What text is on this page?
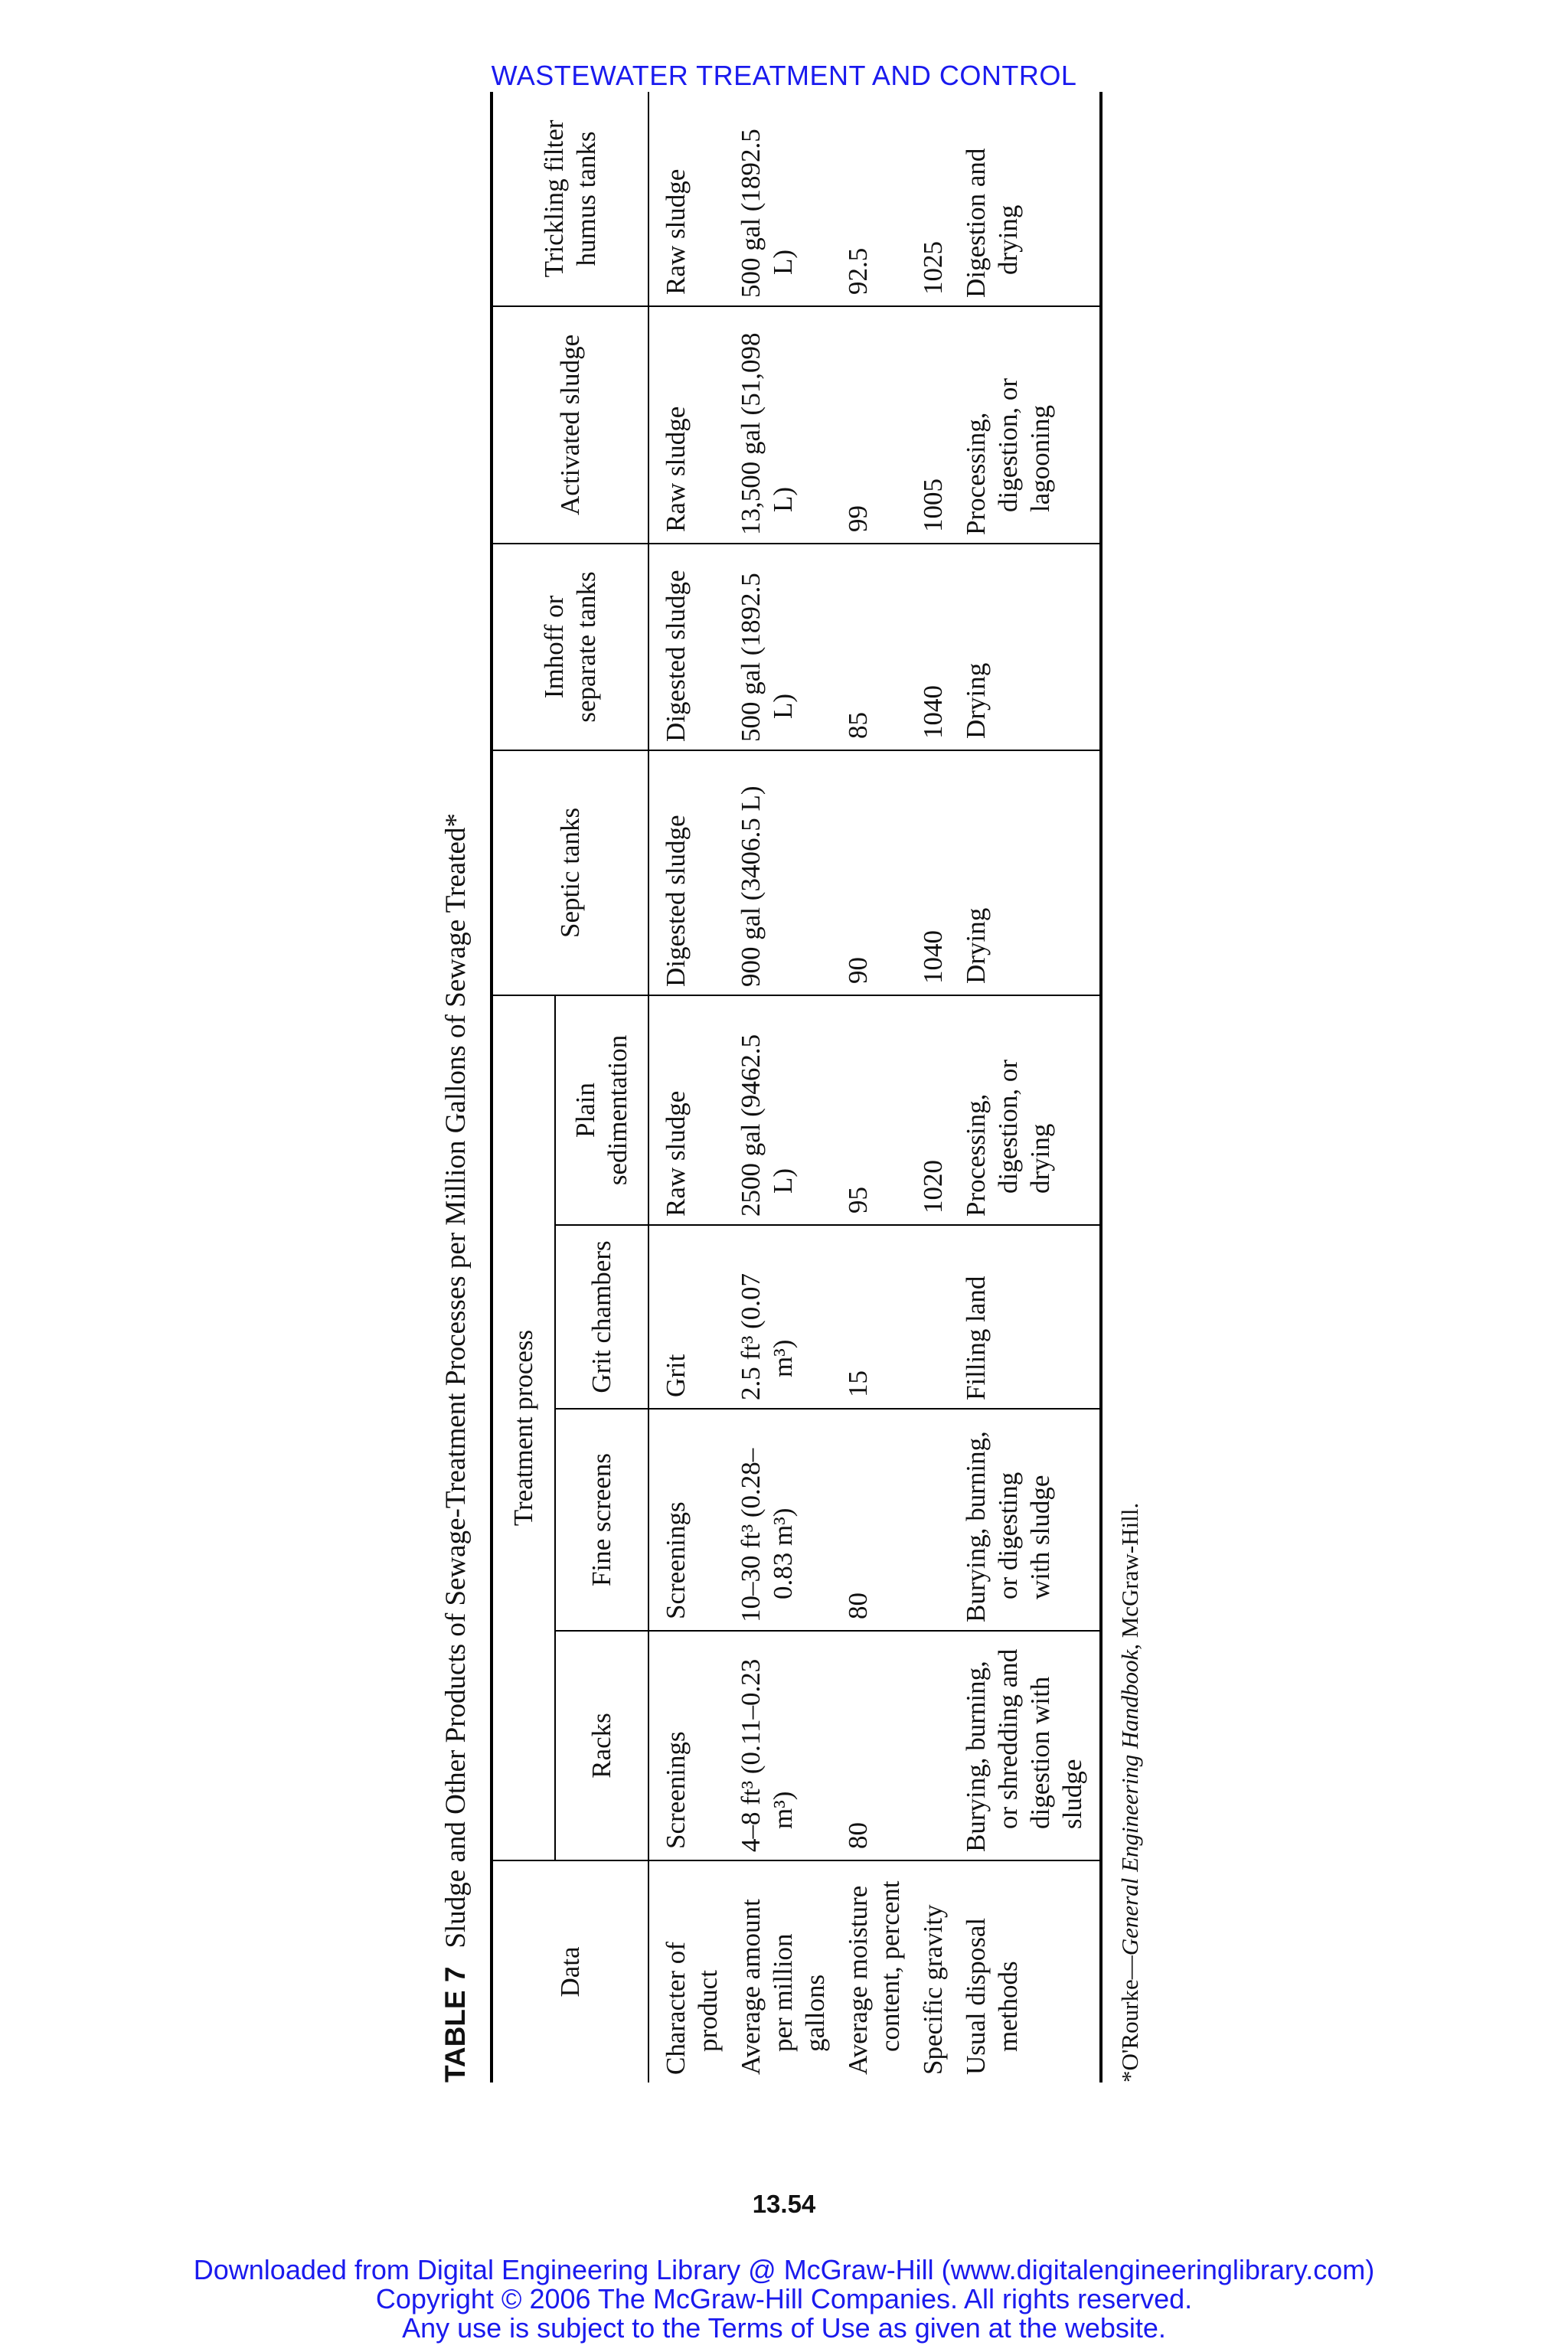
WASTEWATER TREATMENT AND CONTROL
TABLE 7
Sludge and Other Products of Sewage-Treatment Processes per Million Gallons of Sewage Treated*
Data	Treatment process				Septic tanks	Imhoff or separate tanks	Activated sludge	Trickling filter humus tanks
	Racks	Fine screens	Grit chambers	Plain sedimentation				
Character of product	Screenings	Screenings	Grit	Raw sludge	Digested sludge	Digested sludge	Raw sludge	Raw sludge
Average amount per million gallons	4–8 ft³ (0.11–0.23 m³)	10–30 ft³ (0.28–0.83 m³)	2.5 ft³ (0.07 m³)	2500 gal (9462.5 L)	900 gal (3406.5 L)	500 gal (1892.5 L)	13,500 gal (51,098 L)	500 gal (1892.5 L)
Average moisture content, percent	80	80	15	95	90	85	99	92.5
Specific gravity				1020	1040	1040	1005	1025
Usual disposal methods	Burying, burning, or shredding and digestion with sludge	Burying, burning, or digesting with sludge	Filling land	Processing, digestion, or drying	Drying	Drying	Processing, digestion, or lagooning	Digestion and drying
*O'Rourke—General Engineering Handbook, McGraw-Hill.
13.54
Downloaded from Digital Engineering Library @ McGraw-Hill (www.digitalengineeringlibrary.com)
Copyright © 2006 The McGraw-Hill Companies. All rights reserved.
Any use is subject to the Terms of Use as given at the website.
